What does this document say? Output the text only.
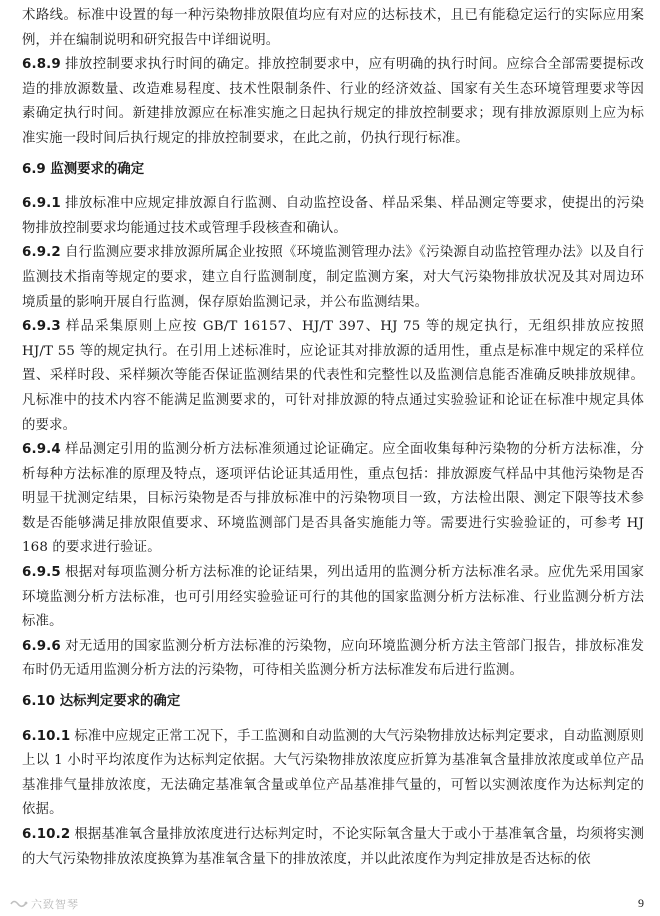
术路线。标准中设置的每一种污染物排放限值均应有对应的达标技术，且已有能稳定运行的实际应用案例，并在编制说明和研究报告中详细说明。

6.8.9 排放控制要求执行时间的确定。排放控制要求中，应有明确的执行时间。应综合全部需要提标改造的排放源数量、改造难易程度、技术性限制条件、行业的经济效益、国家有关生态环境管理要求等因素确定执行时间。新建排放源应在标准实施之日起执行规定的排放控制要求；现有排放源原则上应为标准实施一段时间后执行规定的排放控制要求，在此之前，仍执行现行标准。

6.9 监测要求的确定

6.9.1 排放标准中应规定排放源自行监测、自动监控设备、样品采集、样品测定等要求，使提出的污染物排放控制要求均能通过技术或管理手段核查和确认。

6.9.2 自行监测应要求排放源所属企业按照《环境监测管理办法》《污染源自动监控管理办法》以及自行监测技术指南等规定的要求，建立自行监测制度，制定监测方案，对大气污染物排放状况及其对周边环境质量的影响开展自行监测，保存原始监测记录，并公布监测结果。

6.9.3 样品采集原则上应按 GB/T 16157、HJ/T 397、HJ 75 等的规定执行，无组织排放应按照 HJ/T 55 等的规定执行。在引用上述标准时，应论证其对排放源的适用性，重点是标准中规定的采样位置、采样时段、采样频次等能否保证监测结果的代表性和完整性以及监测信息能否准确反映排放规律。凡标准中的技术内容不能满足监测要求的，可针对排放源的特点通过实验验证和论证在标准中规定具体的要求。

6.9.4 样品测定引用的监测分析方法标准须通过论证确定。应全面收集每种污染物的分析方法标准，分析每种方法标准的原理及特点，逐项评估论证其适用性，重点包括：排放源废气样品中其他污染物是否明显干扰测定结果，目标污染物是否与排放标准中的污染物项目一致，方法检出限、测定下限等技术参数是否能够满足排放限值要求、环境监测部门是否具备实施能力等。需要进行实验验证的，可参考 HJ 168 的要求进行验证。

6.9.5 根据对每项监测分析方法标准的论证结果，列出适用的监测分析方法标准名录。应优先采用国家环境监测分析方法标准，也可引用经实验验证可行的其他的国家监测分析方法标准、行业监测分析方法标准。

6.9.6 对无适用的国家监测分析方法标准的污染物，应向环境监测分析方法主管部门报告，排放标准发布时仍无适用监测分析方法的污染物，可待相关监测分析方法标准发布后进行监测。

6.10 达标判定要求的确定

6.10.1 标准中应规定正常工况下，手工监测和自动监测的大气污染物排放达标判定要求，自动监测原则上以 1 小时平均浓度作为达标判定依据。大气污染物排放浓度应折算为基准氧含量排放浓度或单位产品基准排气量排放浓度，无法确定基准氧含量或单位产品基准排气量的，可暂以实测浓度作为达标判定的依据。

6.10.2 根据基准氧含量排放浓度进行达标判定时，不论实际氧含量大于或小于基准氧含量，均须将实测的大气污染物排放浓度换算为基准氧含量下的排放浓度，并以此浓度作为判定排放是否达标的依

六致智琴	9
